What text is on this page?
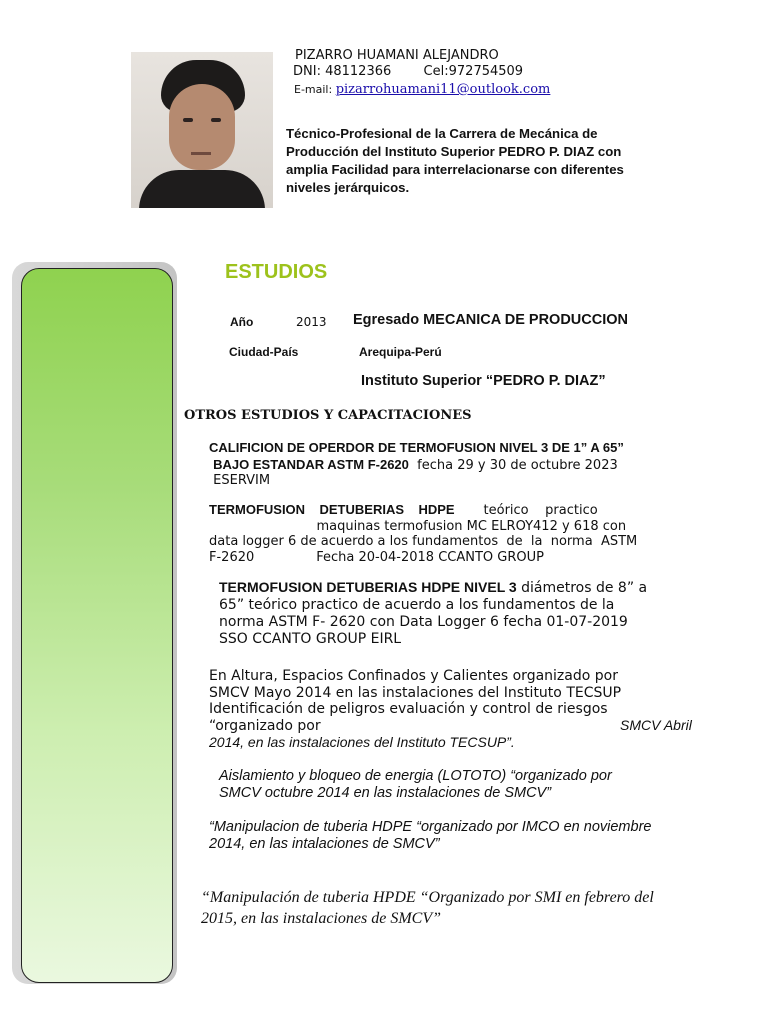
PIZARRO HUAMANI ALEJANDRO
DNI: 48112366 Cel:972754509
E-mail: pizarrohuamani11@outlook.com
Técnico-Profesional de la Carrera de Mecánica de Producción del Instituto Superior PEDRO P. DIAZ con amplia Facilidad para interrelacionarse con diferentes niveles jerárquicos.
ESTUDIOS
Año	2013 Egresado MECANICA DE PRODUCCION
Ciudad-País	Arequipa-Perú
Instituto Superior “PEDRO P. DIAZ”
OTROS ESTUDIOS Y CAPACITACIONES
CALIFICION DE OPERDOR DE TERMOFUSION NIVEL 3 DE 1” A 65”
BAJO ESTANDAR ASTM F-2620  fecha 29 y 30 de octubre 2023
ESERVIM
TERMOFUSION    DETUBERIAS    HDPE teórico    practico
maquinas termofusion MC ELROY412 y 618 con
data logger 6 de acuerdo a los fundamentos  de  la  norma  ASTM
F-2620	Fecha 20-04-2018 CCANTO GROUP
TERMOFUSION DETUBERIAS HDPE NIVEL 3 diámetros de 8” a
65” teórico practico de acuerdo a los fundamentos de la
norma ASTM F- 2620 con Data Logger 6 fecha 01-07-2019
SSO CCANTO GROUP EIRL
En Altura, Espacios Confinados y Calientes organizado por
SMCV Mayo 2014 en las instalaciones del Instituto TECSUP
Identificación de peligros evaluación y control de riesgos
“organizado por	SMCV Abril
2014, en las instalaciones del Instituto TECSUP”.
Aislamiento y bloqueo de energia (LOTOTO) “organizado por
SMCV octubre 2014 en las instalaciones de SMCV”
“Manipulacion de tuberia HDPE “organizado por IMCO en noviembre
2014, en las intalaciones de SMCV”
“Manipulación de tuberia HPDE “Organizado por SMI en febrero del
2015, en las instalaciones de SMCV”
